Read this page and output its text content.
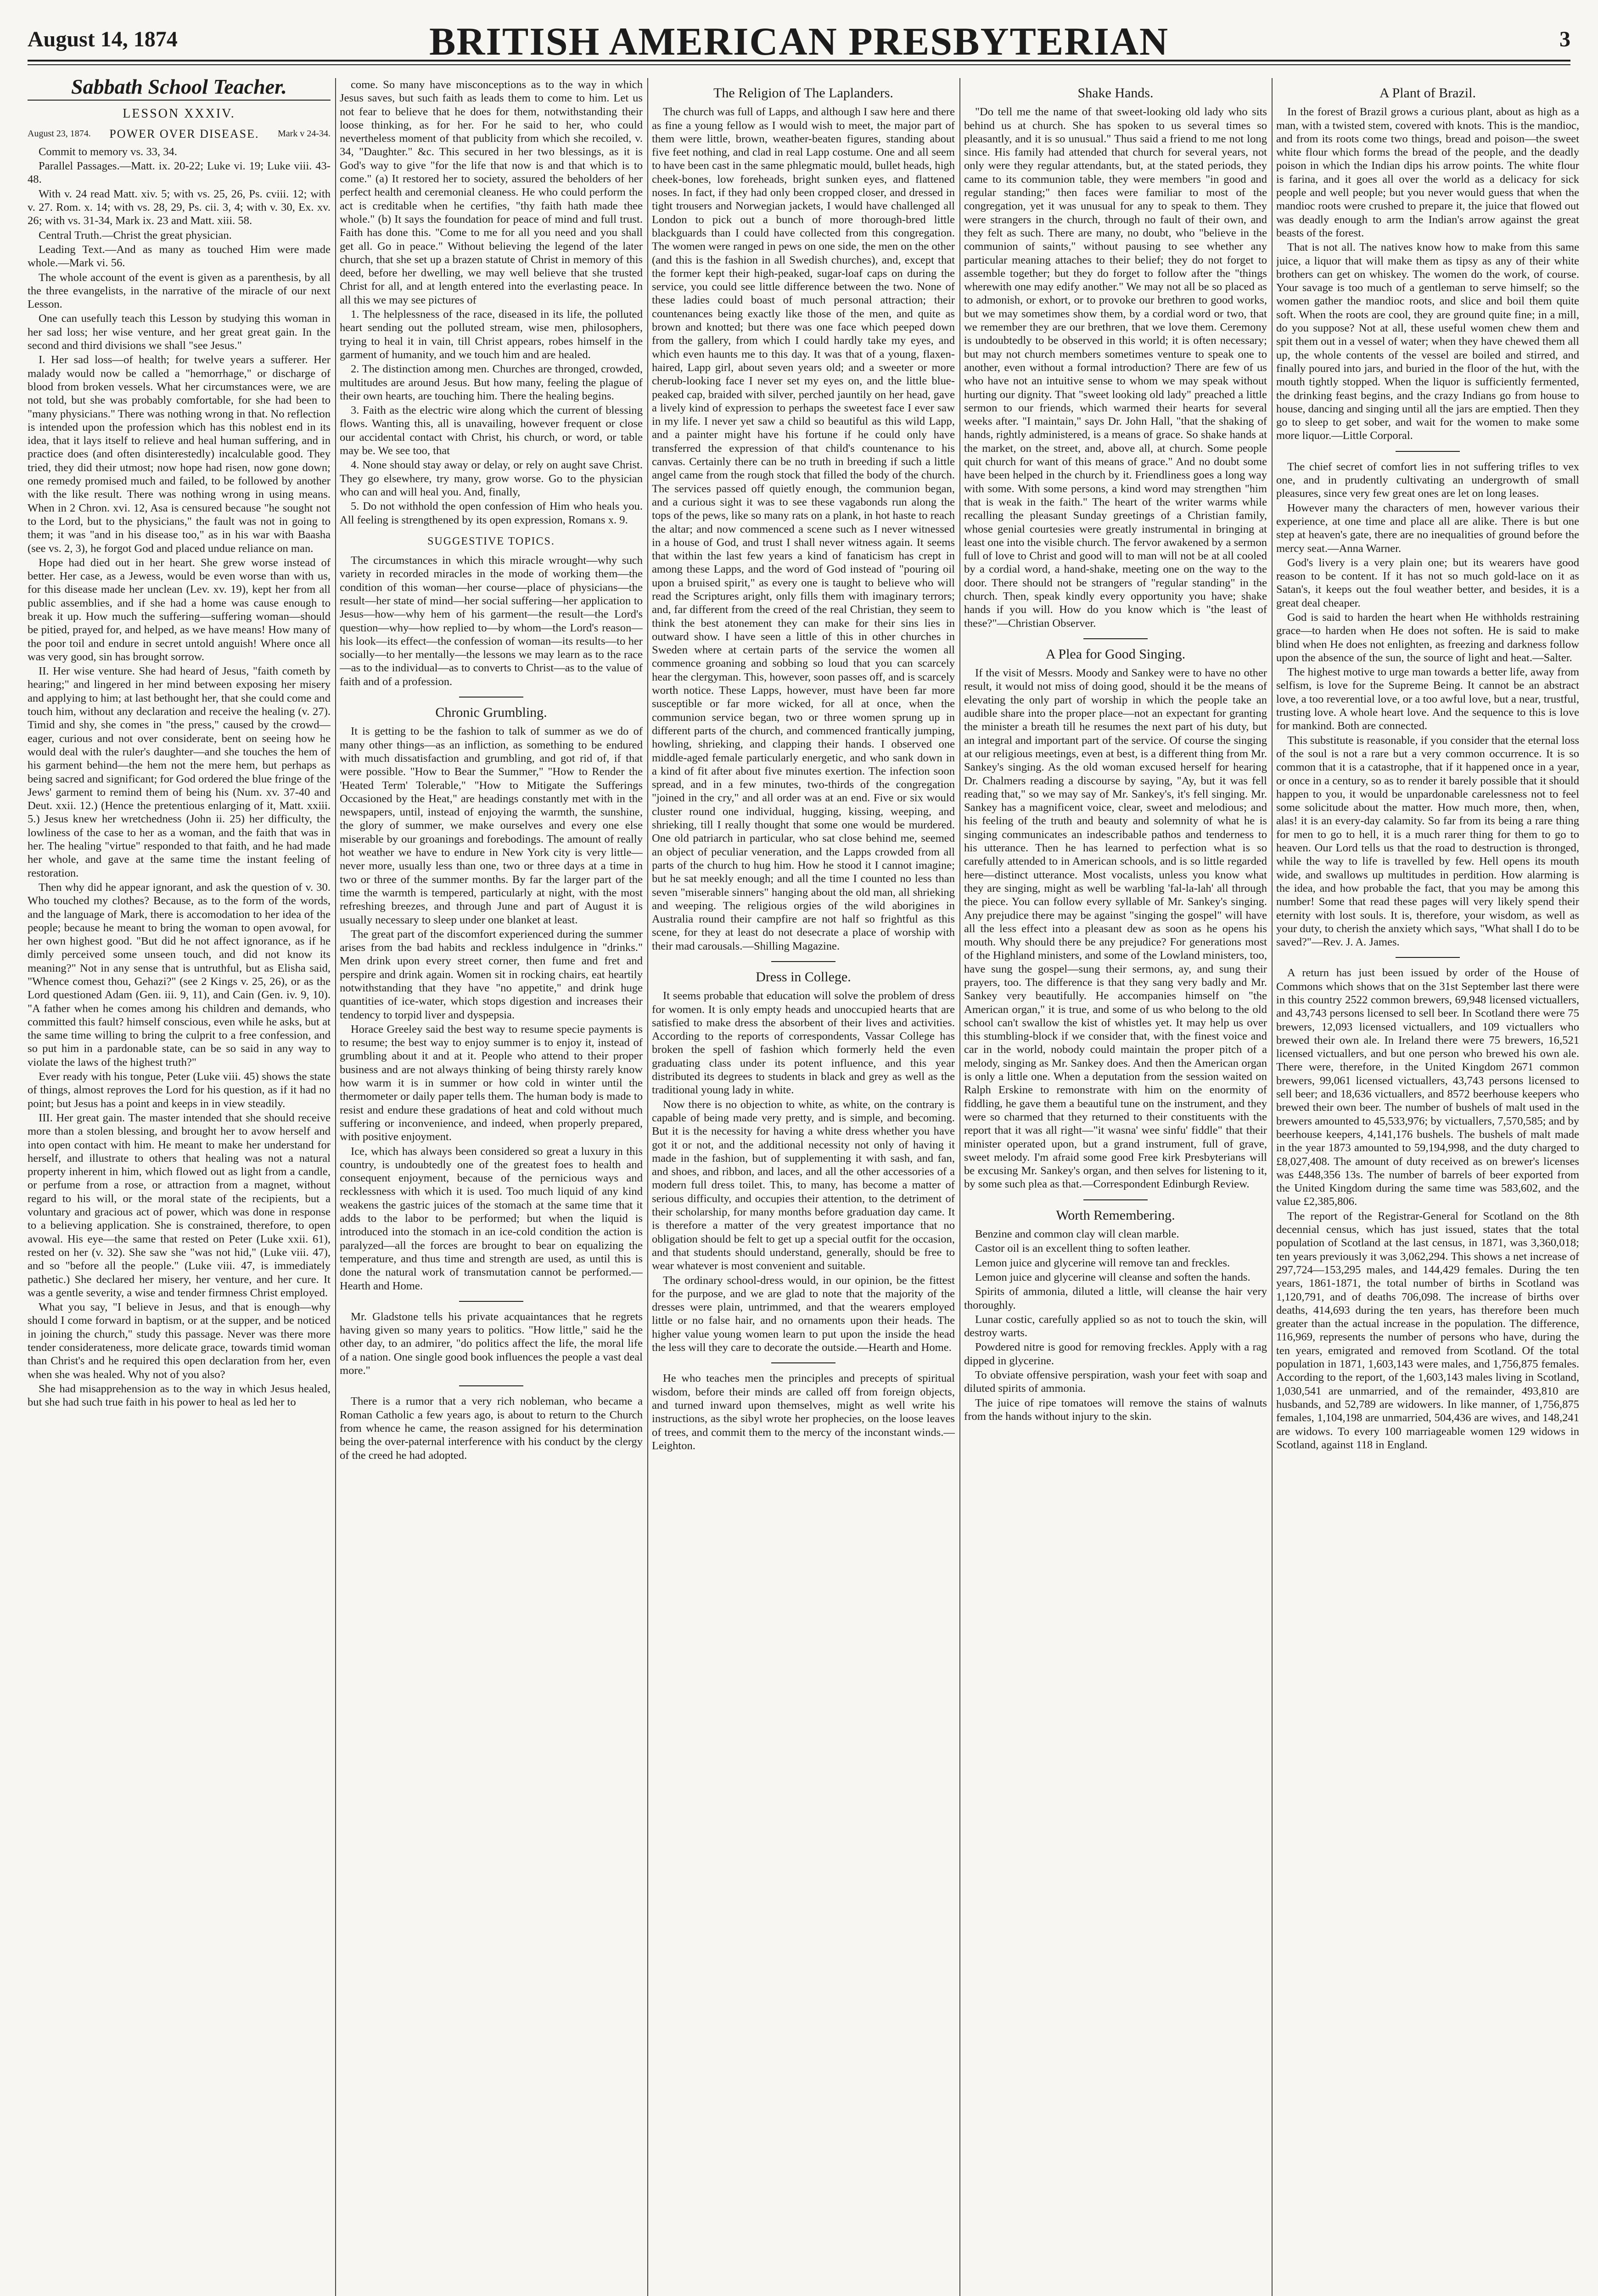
August 14, 1874	BRITISH AMERICAN PRESBYTERIAN	3
Sabbath School Teacher.
LESSON XXXIV.
August 23, 1874. POWER OVER DISEASE. Mark v 24-34.

Commit to memory vs. 33, 34.

Parallel Passages.—Matt. ix. 20-22; Luke vi. 19; Luke viii. 43-48.

With v. 24 read Matt. xiv. 5; with vs. 25, 26, Ps. cviii. 12; with v. 27. Rom. x. 14; with vs. 28, 29, Ps. cii. 3, 4; with v. 30, Ex. xv. 26; with vs. 31-34, Mark ix. 23 and Matt. xiii. 58.

Central Truth.—Christ the great physician.

Leading Text.—And as many as touched Him were made whole.—Mark vi. 56.

The whole account of the event is given as a parenthesis, by all the three evangelists, in the narrative of the miracle of our next Lesson.

One can usefully teach this Lesson by studying this woman in her sad loss; her wise venture, and her great great gain. In the second and third divisions we shall "see Jesus."

I. Her sad loss—of health; for twelve years a sufferer. Her malady would now be called a "hemorrhage," or discharge of blood from broken vessels. What her circumstances were, we are not told, but she was probably comfortable, for she had been to "many physicians." There was nothing wrong in that. No reflection is intended upon the profession which has this noblest end in its idea, that it lays itself to relieve and heal human suffering, and in practice does (and often disinterestedly) incalculable good. They tried, they did their utmost; now hope had risen, now gone down; one remedy promised much and failed, to be followed by another with the like result. There was nothing wrong in using means. When in 2 Chron. xvi. 12, Asa is censured because "he sought not to the Lord, but to the physicians," the fault was not in going to them; it was "and in his disease too," as in his war with Baasha (see vs. 2, 3), he forgot God and placed undue reliance on man.

Hope had died out in her heart. She grew worse instead of better. Her case, as a Jewess, would be even worse than with us, for this disease made her unclean (Lev. xv. 19), kept her from all public assemblies, and if she had a home was cause enough to break it up. How much the suffering—suffering woman—should be pitied, prayed for, and helped, as we have means! How many of the poor toil and endure in secret untold anguish! Where once all was very good, sin has brought sorrow.

II. Her wise venture. She had heard of Jesus, "faith cometh by hearing;" and lingered in her mind between exposing her misery and applying to him; at last bethought her, that she could come and touch him, without any declaration and receive the healing (v. 27). Timid and shy, she comes in "the press," caused by the crowd—eager, curious and not over considerate, bent on seeing how he would deal with the ruler's daughter—and she touches the hem of his garment behind—the hem not the mere hem, but perhaps as being sacred and significant; for God ordered the blue fringe of the Jews' garment to remind them of being his (Num. xv. 37-40 and Deut. xxii. 12.) (Hence the pretentious enlarging of it, Matt. xxiii. 5.) Jesus knew her wretchedness (John ii. 25) her difficulty, the lowliness of the case to her as a woman, and the faith that was in her. The healing "virtue" responded to that faith, and he had made her whole, and gave at the same time the instant feeling of restoration.

Then why did he appear ignorant, and ask the question of v. 30. Who touched my clothes? Because, as to the form of the words, and the language of Mark, there is accomodation to her idea of the people; because he meant to bring the woman to open avowal, for her own highest good. "But did he not affect ignorance, as if he dimly perceived some unseen touch, and did not know its meaning?" Not in any sense that is untruthful, but as Elisha said, "Whence comest thou, Gehazi?" (see 2 Kings v. 25, 26), or as the Lord questioned Adam (Gen. iii. 9, 11), and Cain (Gen. iv. 9, 10). "A father when he comes among his children and demands, who committed this fault? himself conscious, even while he asks, but at the same time willing to bring the culprit to a free confession, and so put him in a pardonable state, can be so said in any way to violate the laws of the highest truth?"

Ever ready with his tongue, Peter (Luke viii. 45) shows the state of things, almost reproves the Lord for his question, as if it had no point; but Jesus has a point and keeps in in view steadily.

III. Her great gain. The master intended that she should receive more than a stolen blessing, and brought her to avow herself and into open contact with him. He meant to make her understand for herself, and illustrate to others that healing was not a natural property inherent in him, which flowed out as light from a candle, or perfume from a rose, or attraction from a magnet, without regard to his will, or the moral state of the recipients, but a voluntary and gracious act of power, which was done in response to a believing application. She is constrained, therefore, to open avowal. His eye—the same that rested on Peter (Luke xxii. 61), rested on her (v. 32). She saw she "was not hid," (Luke viii. 47), and so "before all the people." (Luke viii. 47, is immediately pathetic.) She declared her misery, her venture, and her cure. It was a gentle severity, a wise and tender firmness Christ employed.

What you say, "I believe in Jesus, and that is enough—why should I come forward in baptism, or at the supper, and be noticed in joining the church," study this passage. Never was there more tender considerateness, more delicate grace, towards timid woman than Christ's and he required this open declaration from her, even when she was healed. Why not of you also?

She had misapprehension as to the way in which Jesus healed, but she had such true faith in his power to heal as led her to

come. So many have misconceptions as to the way in which Jesus saves, but such faith as leads them to come to him. Let us not fear to believe that he does for them, notwithstanding their loose thinking, as for her. For he said to her, who could nevertheless moment of that publicity from which she recoiled, v. 34, "Daughter." &c. This secured in her two blessings, as it is God's way to give "for the life that now is and that which is to come." (a) It restored her to society, assured the beholders of her perfect health and ceremonial cleaness. He who could perform the act is creditable when he certifies, "thy faith hath made thee whole." (b) It says the foundation for peace of mind and full trust. Faith has done this. "Come to me for all you need and you shall get all. Go in peace." Without believing the legend of the later church, that she set up a brazen statute of Christ in memory of this deed, before her dwelling, we may well believe that she trusted Christ for all, and at length entered into the everlasting peace. In all this we may see pictures of

1. The helplessness of the race, diseased in its life, the polluted heart sending out the polluted stream, wise men, philosophers, trying to heal it in vain, till Christ appears, robes himself in the garment of humanity, and we touch him and are healed.

2. The distinction among men. Churches are thronged, crowded, multitudes are around Jesus. But how many, feeling the plague of their own hearts, are touching him. There the healing begins.

3. Faith as the electric wire along which the current of blessing flows. Wanting this, all is unavailing, however frequent or close our accidental contact with Christ, his church, or word, or table may be. We see too, that

4. None should stay away or delay, or rely on aught save Christ. They go elsewhere, try many, grow worse. Go to the physician who can and will heal you. And, finally,

5. Do not withhold the open confession of Him who heals you. All feeling is strengthened by its open expression, Romans x. 9.

SUGGESTIVE TOPICS.

The circumstances in which this miracle wrought—why such variety in recorded miracles in the mode of working them—the condition of this woman—her course—place of physicians—the result—her state of mind—her social suffering—her application to Jesus—how—why hem of his garment—the result—the Lord's question—why—how replied to—by whom—the Lord's reason—his look—its effect—the confession of woman—its results—to her socially—to her mentally—the lessons we may learn as to the race—as to the individual—as to converts to Christ—as to the value of faith and of a profession.

Chronic Grumbling.

It is getting to be the fashion to talk of summer as we do of many other things—as an infliction, as something to be endured with much dissatisfaction and grumbling, and got rid of, if that were possible. "How to Bear the Summer," "How to Render the 'Heated Term' Tolerable," "How to Mitigate the Sufferings Occasioned by the Heat," are headings constantly met with in the newspapers, until, instead of enjoying the warmth, the sunshine, the glory of summer, we make ourselves and every one else miserable by our groanings and forebodings. The amount of really hot weather we have to endure in New York city is very little—never more, usually less than one, two or three days at a time in two or three of the summer months. By far the larger part of the time the warmth is tempered, particularly at night, with the most refreshing breezes, and through June and part of August it is usually necessary to sleep under one blanket at least.

The great part of the discomfort experienced during the summer arises from the bad habits and reckless indulgence in "drinks." Men drink upon every street corner, then fume and fret and perspire and drink again. Women sit in rocking chairs, eat heartily notwithstanding that they have "no appetite," and drink huge quantities of ice-water, which stops digestion and increases their tendency to torpid liver and dyspepsia.

Horace Greeley said the best way to resume specie payments is to resume; the best way to enjoy summer is to enjoy it, instead of grumbling about it and at it. People who attend to their proper business and are not always thinking of being thirsty rarely know how warm it is in summer or how cold in winter until the thermometer or daily paper tells them. The human body is made to resist and endure these gradations of heat and cold without much suffering or inconvenience, and indeed, when properly prepared, with positive enjoyment.

Ice, which has always been considered so great a luxury in this country, is undoubtedly one of the greatest foes to health and consequent enjoyment, because of the pernicious ways and recklessness with which it is used. Too much liquid of any kind weakens the gastric juices of the stomach at the same time that it adds to the labor to be performed; but when the liquid is introduced into the stomach in an ice-cold condition the action is paralyzed—all the forces are brought to bear on equalizing the temperature, and thus time and strength are used, as until this is done the natural work of transmutation cannot be performed.—Hearth and Home.

Mr. Gladstone tells his private acquaintances that he regrets having given so many years to politics. "How little," said he the other day, to an admirer, "do politics affect the life, the moral life of a nation. One single good book influences the people a vast deal more."

There is a rumor that a very rich nobleman, who became a Roman Catholic a few years ago, is about to return to the Church from whence he came, the reason assigned for his determination being the over-paternal interference with his conduct by the clergy of the creed he had adopted.

The Religion of The Laplanders.

The church was full of Lapps, and although I saw here and there as fine a young fellow as I would wish to meet, the major part of them were little, brown, weather-beaten figures, standing about five feet nothing, and clad in real Lapp costume. One and all seem to have been cast in the same phlegmatic mould, bullet heads, high cheek-bones, low foreheads, bright sunken eyes, and flattened noses. In fact, if they had only been cropped closer, and dressed in tight trousers and Norwegian jackets, I would have challenged all London to pick out a bunch of more thorough-bred little blackguards than I could have collected from this congregation. The women were ranged in pews on one side, the men on the other (and this is the fashion in all Swedish churches), and, except that the former kept their high-peaked, sugar-loaf caps on during the service, you could see little difference between the two. None of these ladies could boast of much personal attraction; their countenances being exactly like those of the men, and quite as brown and knotted; but there was one face which peeped down from the gallery, from which I could hardly take my eyes, and which even haunts me to this day. It was that of a young, flaxen-haired, Lapp girl, about seven years old; and a sweeter or more cherub-looking face I never set my eyes on, and the little blue-peaked cap, braided with silver, perched jauntily on her head, gave a lively kind of expression to perhaps the sweetest face I ever saw in my life. I never yet saw a child so beautiful as this wild Lapp, and a painter might have his fortune if he could only have transferred the expression of that child's countenance to his canvas. Certainly there can be no truth in breeding if such a little angel came from the rough stock that filled the body of the church. The services passed off quietly enough, the communion began, and a curious sight it was to see these vagabonds run along the tops of the pews, like so many rats on a plank, in hot haste to reach the altar; and now commenced a scene such as I never witnessed in a house of God, and trust I shall never witness again. It seems that within the last few years a kind of fanaticism has crept in among these Lapps, and the word of God instead of "pouring oil upon a bruised spirit," as every one is taught to believe who will read the Scriptures aright, only fills them with imaginary terrors; and, far different from the creed of the real Christian, they seem to think the best atonement they can make for their sins lies in outward show. I have seen a little of this in other churches in Sweden where at certain parts of the service the women all commence groaning and sobbing so loud that you can scarcely hear the clergyman. This, however, soon passes off, and is scarcely worth notice. These Lapps, however, must have been far more susceptible or far more wicked, for all at once, when the communion service began, two or three women sprung up in different parts of the church, and commenced frantically jumping, howling, shrieking, and clapping their hands. I observed one middle-aged female particularly energetic, and who sank down in a kind of fit after about five minutes exertion. The infection soon spread, and in a few minutes, two-thirds of the congregation "joined in the cry," and all order was at an end. Five or six would cluster round one individual, hugging, kissing, weeping, and shrieking, till I really thought that some one would be murdered. One old patriarch in particular, who sat close behind me, seemed an object of peculiar veneration, and the Lapps crowded from all parts of the church to hug him. How he stood it I cannot imagine; but he sat meekly enough; and all the time I counted no less than seven "miserable sinners" hanging about the old man, all shrieking and weeping. The religious orgies of the wild aborigines in Australia round their campfire are not half so frightful as this scene, for they at least do not desecrate a place of worship with their mad carousals.—Shilling Magazine.

Dress in College.

It seems probable that education will solve the problem of dress for women. It is only empty heads and unoccupied hearts that are satisfied to make dress the absorbent of their lives and activities. According to the reports of correspondents, Vassar College has broken the spell of fashion which formerly held the even graduating class under its potent influence, and this year distributed its degrees to students in black and grey as well as the traditional young lady in white.

Now there is no objection to white, as white, on the contrary is capable of being made very pretty, and is simple, and becoming. But it is the necessity for having a white dress whether you have got it or not, and the additional necessity not only of having it made in the fashion, but of supplementing it with sash, and fan, and shoes, and ribbon, and laces, and all the other accessories of a modern full dress toilet. This, to many, has become a matter of serious difficulty, and occupies their attention, to the detriment of their scholarship, for many months before graduation day came. It is therefore a matter of the very greatest importance that no obligation should be felt to get up a special outfit for the occasion, and that students should understand, generally, should be free to wear whatever is most convenient and suitable.

The ordinary school-dress would, in our opinion, be the fittest for the purpose, and we are glad to note that the majority of the dresses were plain, untrimmed, and that the wearers employed little or no false hair, and no ornaments upon their heads. The higher value young women learn to put upon the inside the head the less will they care to decorate the outside.—Hearth and Home.

He who teaches men the principles and precepts of spiritual wisdom, before their minds are called off from foreign objects, and turned inward upon themselves, might as well write his instructions, as the sibyl wrote her prophecies, on the loose leaves of trees, and commit them to the mercy of the inconstant winds.—Leighton.

Shake Hands.

"Do tell me the name of that sweet-looking old lady who sits behind us at church. She has spoken to us several times so pleasantly, and it is so unusual." Thus said a friend to me not long since. His family had attended that church for several years, not only were they regular attendants, but, at the stated periods, they came to its communion table, they were members "in good and regular standing;" then faces were familiar to most of the congregation, yet it was unusual for any to speak to them. They were strangers in the church, through no fault of their own, and they felt as such. There are many, no doubt, who "believe in the communion of saints," without pausing to see whether any particular meaning attaches to their belief; they do not forget to assemble together; but they do forget to follow after the "things wherewith one may edify another." We may not all be so placed as to admonish, or exhort, or to provoke our brethren to good works, but we may sometimes show them, by a cordial word or two, that we remember they are our brethren, that we love them. Ceremony is undoubtedly to be observed in this world; it is often necessary; but may not church members sometimes venture to speak one to another, even without a formal introduction? There are few of us who have not an intuitive sense to whom we may speak without hurting our dignity. That "sweet looking old lady" preached a little sermon to our friends, which warmed their hearts for several weeks after. "I maintain," says Dr. John Hall, "that the shaking of hands, rightly administered, is a means of grace. So shake hands at the market, on the street, and, above all, at church. Some people quit church for want of this means of grace." And no doubt some have been helped in the church by it. Friendliness goes a long way with some. With some persons, a kind word may strengthen "him that is weak in the faith." The heart of the writer warms while recalling the pleasant Sunday greetings of a Christian family, whose genial courtesies were greatly instrumental in bringing at least one into the visible church. The fervor awakened by a sermon full of love to Christ and good will to man will not be at all cooled by a cordial word, a hand-shake, meeting one on the way to the door. There should not be strangers of "regular standing" in the church. Then, speak kindly every opportunity you have; shake hands if you will. How do you know which is "the least of these?"—Christian Observer.

A Plea for Good Singing.

If the visit of Messrs. Moody and Sankey were to have no other result, it would not miss of doing good, should it be the means of elevating the only part of worship in which the people take an audible share into the proper place—not an expectant for granting the minister a breath till he resumes the next part of his duty, but an integral and important part of the service. Of course the singing at our religious meetings, even at best, is a different thing from Mr. Sankey's singing. As the old woman excused herself for hearing Dr. Chalmers reading a discourse by saying, "Ay, but it was fell reading that," so we may say of Mr. Sankey's, it's fell singing. Mr. Sankey has a magnificent voice, clear, sweet and melodious; and his feeling of the truth and beauty and solemnity of what he is singing communicates an indescribable pathos and tenderness to his utterance. Then he has learned to perfection what is so carefully attended to in American schools, and is so little regarded here—distinct utterance. Most vocalists, unless you know what they are singing, might as well be warbling 'fal-la-lah' all through the piece. You can follow every syllable of Mr. Sankey's singing. Any prejudice there may be against "singing the gospel" will have all the less effect into a pleasant dew as soon as he opens his mouth. Why should there be any prejudice? For generations most of the Highland ministers, and some of the Lowland ministers, too, have sung the gospel—sung their sermons, ay, and sung their prayers, too. The difference is that they sang very badly and Mr. Sankey very beautifully. He accompanies himself on "the American organ," it is true, and some of us who belong to the old school can't swallow the kist of whistles yet. It may help us over this stumbling-block if we consider that, with the finest voice and car in the world, nobody could maintain the proper pitch of a melody, singing as Mr. Sankey does. And then the American organ is only a little one. When a deputation from the session waited on Ralph Erskine to remonstrate with him on the enormity of fiddling, he gave them a beautiful tune on the instrument, and they were so charmed that they returned to their constituents with the report that it was all right—"it wasna' wee sinfu' fiddle" that their minister operated upon, but a grand instrument, full of grave, sweet melody. I'm afraid some good Free kirk Presbyterians will be excusing Mr. Sankey's organ, and then selves for listening to it, by some such plea as that.—Correspondent Edinburgh Review.

Worth Remembering.

Benzine and common clay will clean marble.

Castor oil is an excellent thing to soften leather.

Lemon juice and glycerine will remove tan and freckles.

Lemon juice and glycerine will cleanse and soften the hands.

Spirits of ammonia, diluted a little, will cleanse the hair very thoroughly.

Lunar costic, carefully applied so as not to touch the skin, will destroy warts.

Powdered nitre is good for removing freckles. Apply with a rag dipped in glycerine.

To obviate offensive perspiration, wash your feet with soap and diluted spirits of ammonia.

The juice of ripe tomatoes will remove the stains of walnuts from the hands without injury to the skin.

A Plant of Brazil.

In the forest of Brazil grows a curious plant, about as high as a man, with a twisted stem, covered with knots. This is the mandioc, and from its roots come two things, bread and poison—the sweet white flour which forms the bread of the people, and the deadly poison in which the Indian dips his arrow points. The white flour is farina, and it goes all over the world as a delicacy for sick people and well people; but you never would guess that when the mandioc roots were crushed to prepare it, the juice that flowed out was deadly enough to arm the Indian's arrow against the great beasts of the forest.

That is not all. The natives know how to make from this same juice, a liquor that will make them as tipsy as any of their white brothers can get on whiskey. The women do the work, of course. Your savage is too much of a gentleman to serve himself; so the women gather the mandioc roots, and slice and boil them quite soft. When the roots are cool, they are ground quite fine; in a mill, do you suppose? Not at all, these useful women chew them and spit them out in a vessel of water; when they have chewed them all up, the whole contents of the vessel are boiled and stirred, and finally poured into jars, and buried in the floor of the hut, with the mouth tightly stopped. When the liquor is sufficiently fermented, the drinking feast begins, and the crazy Indians go from house to house, dancing and singing until all the jars are emptied. Then they go to sleep to get sober, and wait for the women to make some more liquor.—Little Corporal.

The chief secret of comfort lies in not suffering trifles to vex one, and in prudently cultivating an undergrowth of small pleasures, since very few great ones are let on long leases.

However many the characters of men, however various their experience, at one time and place all are alike. There is but one step at heaven's gate, there are no inequalities of ground before the mercy seat.—Anna Warner.

God's livery is a very plain one; but its wearers have good reason to be content. If it has not so much gold-lace on it as Satan's, it keeps out the foul weather better, and besides, it is a great deal cheaper.

God is said to harden the heart when He withholds restraining grace—to harden when He does not soften. He is said to make blind when He does not enlighten, as freezing and darkness follow upon the absence of the sun, the source of light and heat.—Salter.

The highest motive to urge man towards a better life, away from selfism, is love for the Supreme Being. It cannot be an abstract love, a too reverential love, or a too awful love, but a near, trustful, trusting love. A whole heart love. And the sequence to this is love for mankind. Both are connected.

This substitute is reasonable, if you consider that the eternal loss of the soul is not a rare but a very common occurrence. It is so common that it is a catastrophe, that if it happened once in a year, or once in a century, so as to render it barely possible that it should happen to you, it would be unpardonable carelessness not to feel some solicitude about the matter. How much more, then, when, alas! it is an every-day calamity. So far from its being a rare thing for men to go to hell, it is a much rarer thing for them to go to heaven. Our Lord tells us that the road to destruction is thronged, while the way to life is travelled by few. Hell opens its mouth wide, and swallows up multitudes in perdition. How alarming is the idea, and how probable the fact, that you may be among this number! Some that read these pages will very likely spend their eternity with lost souls. It is, therefore, your wisdom, as well as your duty, to cherish the anxiety which says, "What shall I do to be saved?"—Rev. J. A. James.

A return has just been issued by order of the House of Commons which shows that on the 31st September last there were in this country 2522 common brewers, 69,948 licensed victuallers, and 43,743 persons licensed to sell beer. In Scotland there were 75 brewers, 12,093 licensed victuallers, and 109 victuallers who brewed their own ale. In Ireland there were 75 brewers, 16,521 licensed victuallers, and but one person who brewed his own ale. There were, therefore, in the United Kingdom 2671 common brewers, 99,061 licensed victuallers, 43,743 persons licensed to sell beer; and 18,636 victuallers, and 8572 beerhouse keepers who brewed their own beer. The number of bushels of malt used in the brewers amounted to 45,533,976; by victuallers, 7,570,585; and by beerhouse keepers, 4,141,176 bushels. The bushels of malt made in the year 1873 amounted to 59,194,998, and the duty charged to £8,027,408. The amount of duty received as on brewer's licenses was £448,356 13s. The number of barrels of beer exported from the United Kingdom during the same time was 583,602, and the value £2,385,806.

The report of the Registrar-General for Scotland on the 8th decennial census, which has just issued, states that the total population of Scotland at the last census, in 1871, was 3,360,018; ten years previously it was 3,062,294. This shows a net increase of 297,724—153,295 males, and 144,429 females. During the ten years, 1861-1871, the total number of births in Scotland was 1,120,791, and of deaths 706,098. The increase of births over deaths, 414,693 during the ten years, has therefore been much greater than the actual increase in the population. The difference, 116,969, represents the number of persons who have, during the ten years, emigrated and removed from Scotland. Of the total population in 1871, 1,603,143 were males, and 1,756,875 females. According to the report, of the 1,603,143 males living in Scotland, 1,030,541 are unmarried, and of the remainder, 493,810 are husbands, and 52,789 are widowers. In like manner, of 1,756,875 females, 1,104,198 are unmarried, 504,436 are wives, and 148,241 are widows. To every 100 marriageable women 129 widows in Scotland, against 118 in England.
